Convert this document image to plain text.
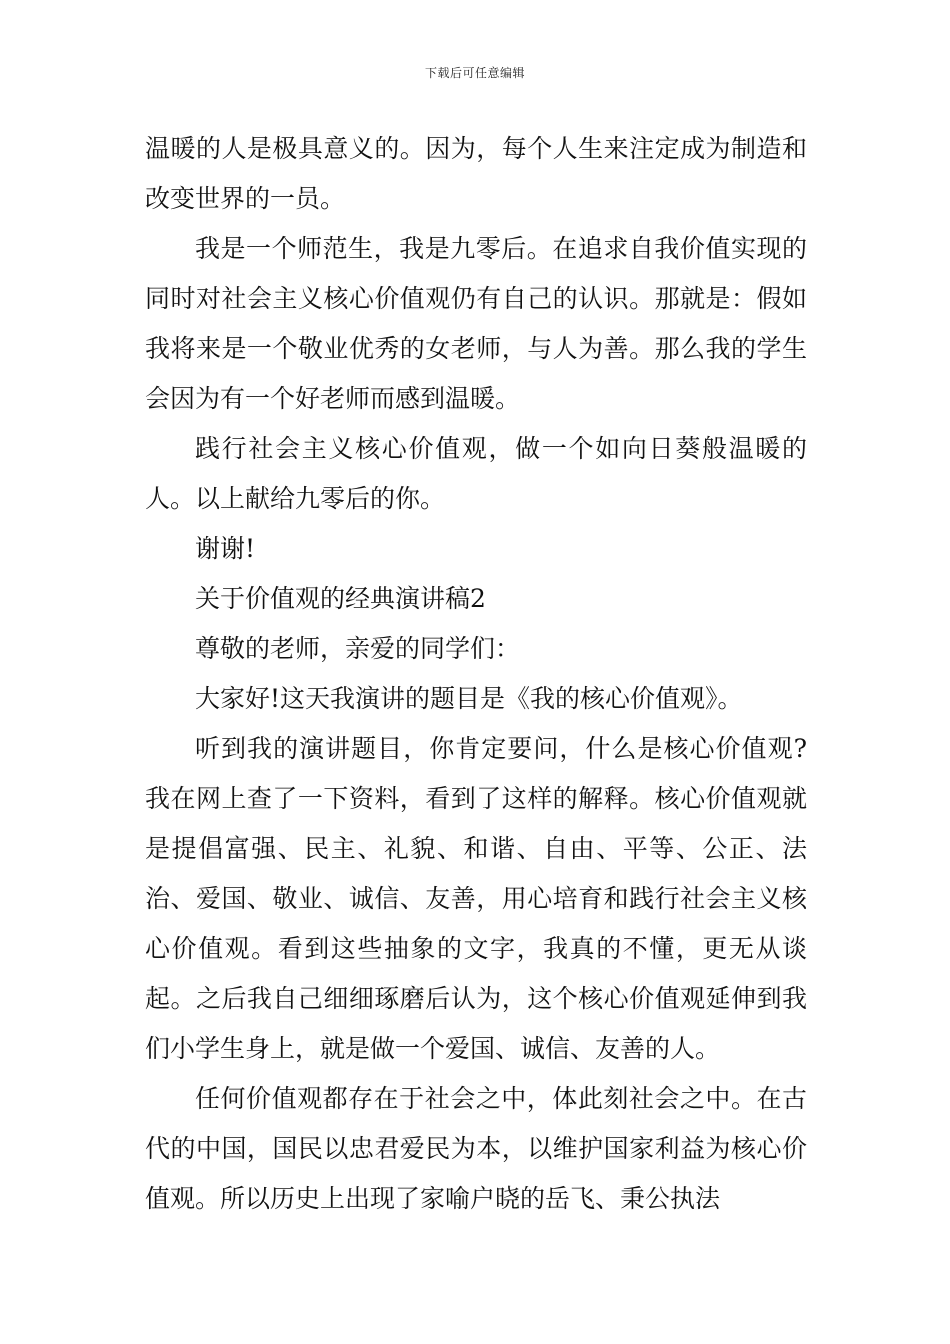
下载后可任意编辑

温暖的人是极具意义的。因为，每个人生来注定成为制造和改变世界的一员。

我是一个师范生，我是九零后。在追求自我价值实现的同时对社会主义核心价值观仍有自己的认识。那就是：假如我将来是一个敬业优秀的女老师，与人为善。那么我的学生会因为有一个好老师而感到温暖。

践行社会主义核心价值观，做一个如向日葵般温暖的人。以上献给九零后的你。

谢谢!

关于价值观的经典演讲稿2

尊敬的老师，亲爱的同学们：

大家好!这天我演讲的题目是《我的核心价值观》。

听到我的演讲题目，你肯定要问，什么是核心价值观?我在网上查了一下资料，看到了这样的解释。核心价值观就是提倡富强、民主、礼貌、和谐、自由、平等、公正、法治、爱国、敬业、诚信、友善，用心培育和践行社会主义核心价值观。看到这些抽象的文字，我真的不懂，更无从谈起。之后我自己细细琢磨后认为，这个核心价值观延伸到我们小学生身上，就是做一个爱国、诚信、友善的人。

任何价值观都存在于社会之中，体此刻社会之中。在古代的中国，国民以忠君爱民为本，以维护国家利益为核心价值观。所以历史上出现了家喻户晓的岳飞、秉公执法
